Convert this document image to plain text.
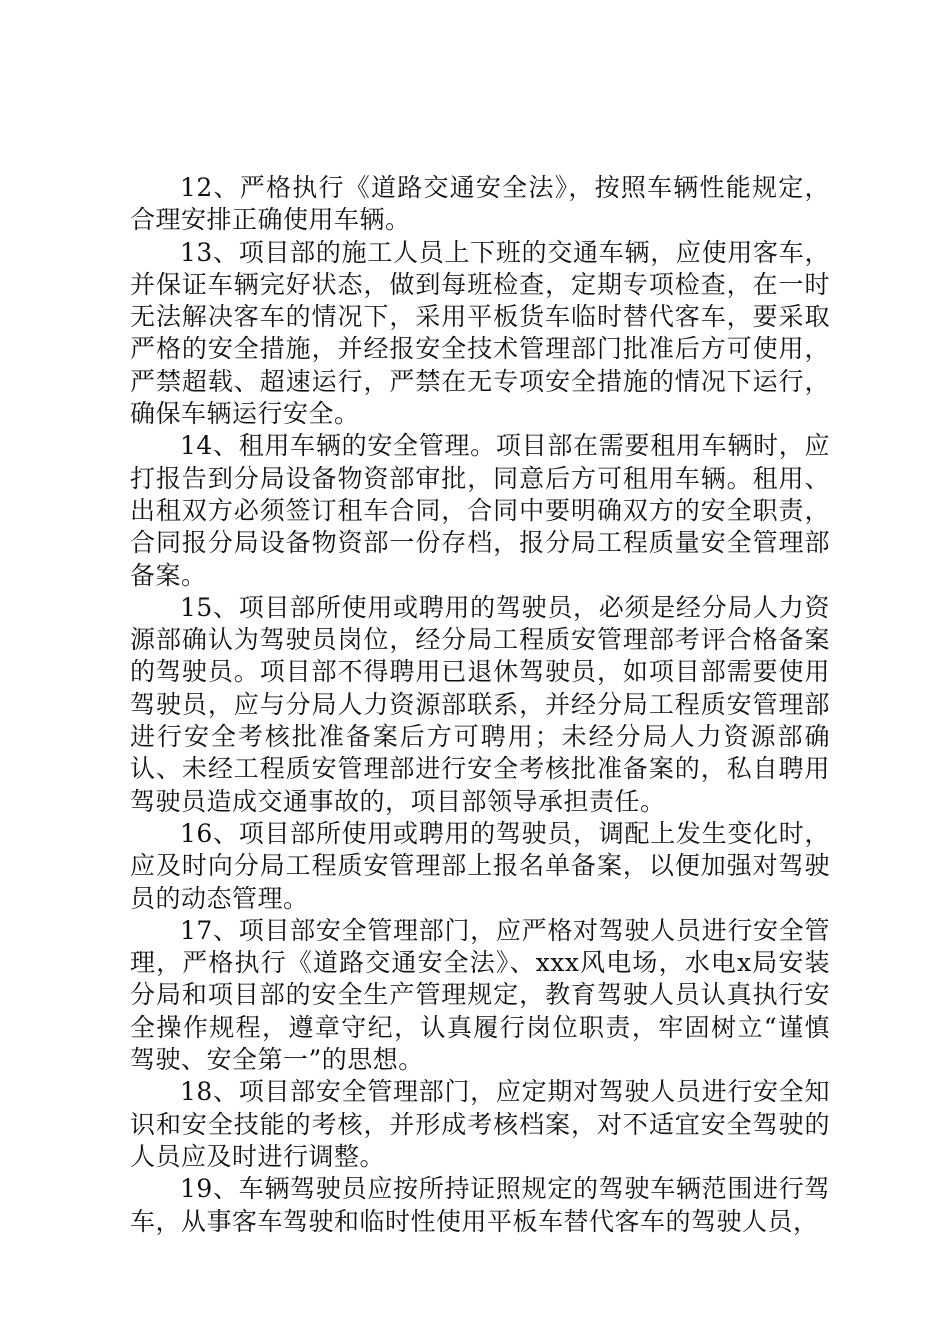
12、严格执行《道路交通安全法》，按照车辆性能规定，合理安排正确使用车辆。

13、项目部的施工人员上下班的交通车辆，应使用客车，并保证车辆完好状态，做到每班检查，定期专项检查，在一时无法解决客车的情况下，采用平板货车临时替代客车，要采取严格的安全措施，并经报安全技术管理部门批准后方可使用，严禁超载、超速运行，严禁在无专项安全措施的情况下运行，确保车辆运行安全。

14、租用车辆的安全管理。项目部在需要租用车辆时，应打报告到分局设备物资部审批，同意后方可租用车辆。租用、出租双方必须签订租车合同，合同中要明确双方的安全职责，合同报分局设备物资部一份存档，报分局工程质量安全管理部备案。

15、项目部所使用或聘用的驾驶员，必须是经分局人力资源部确认为驾驶员岗位，经分局工程质安管理部考评合格备案的驾驶员。项目部不得聘用已退休驾驶员，如项目部需要使用驾驶员，应与分局人力资源部联系，并经分局工程质安管理部进行安全考核批准备案后方可聘用；未经分局人力资源部确认、未经工程质安管理部进行安全考核批准备案的，私自聘用驾驶员造成交通事故的，项目部领导承担责任。

16、项目部所使用或聘用的驾驶员，调配上发生变化时，应及时向分局工程质安管理部上报名单备案，以便加强对驾驶员的动态管理。

17、项目部安全管理部门，应严格对驾驶人员进行安全管理，严格执行《道路交通安全法》、xxx风电场，水电x局安装分局和项目部的安全生产管理规定，教育驾驶人员认真执行安全操作规程，遵章守纪，认真履行岗位职责，牢固树立“谨慎驾驶、安全第一”的思想。

18、项目部安全管理部门，应定期对驾驶人员进行安全知识和安全技能的考核，并形成考核档案，对不适宜安全驾驶的人员应及时进行调整。

19、车辆驾驶员应按所持证照规定的驾驶车辆范围进行驾车，从事客车驾驶和临时性使用平板车替代客车的驾驶人员，
